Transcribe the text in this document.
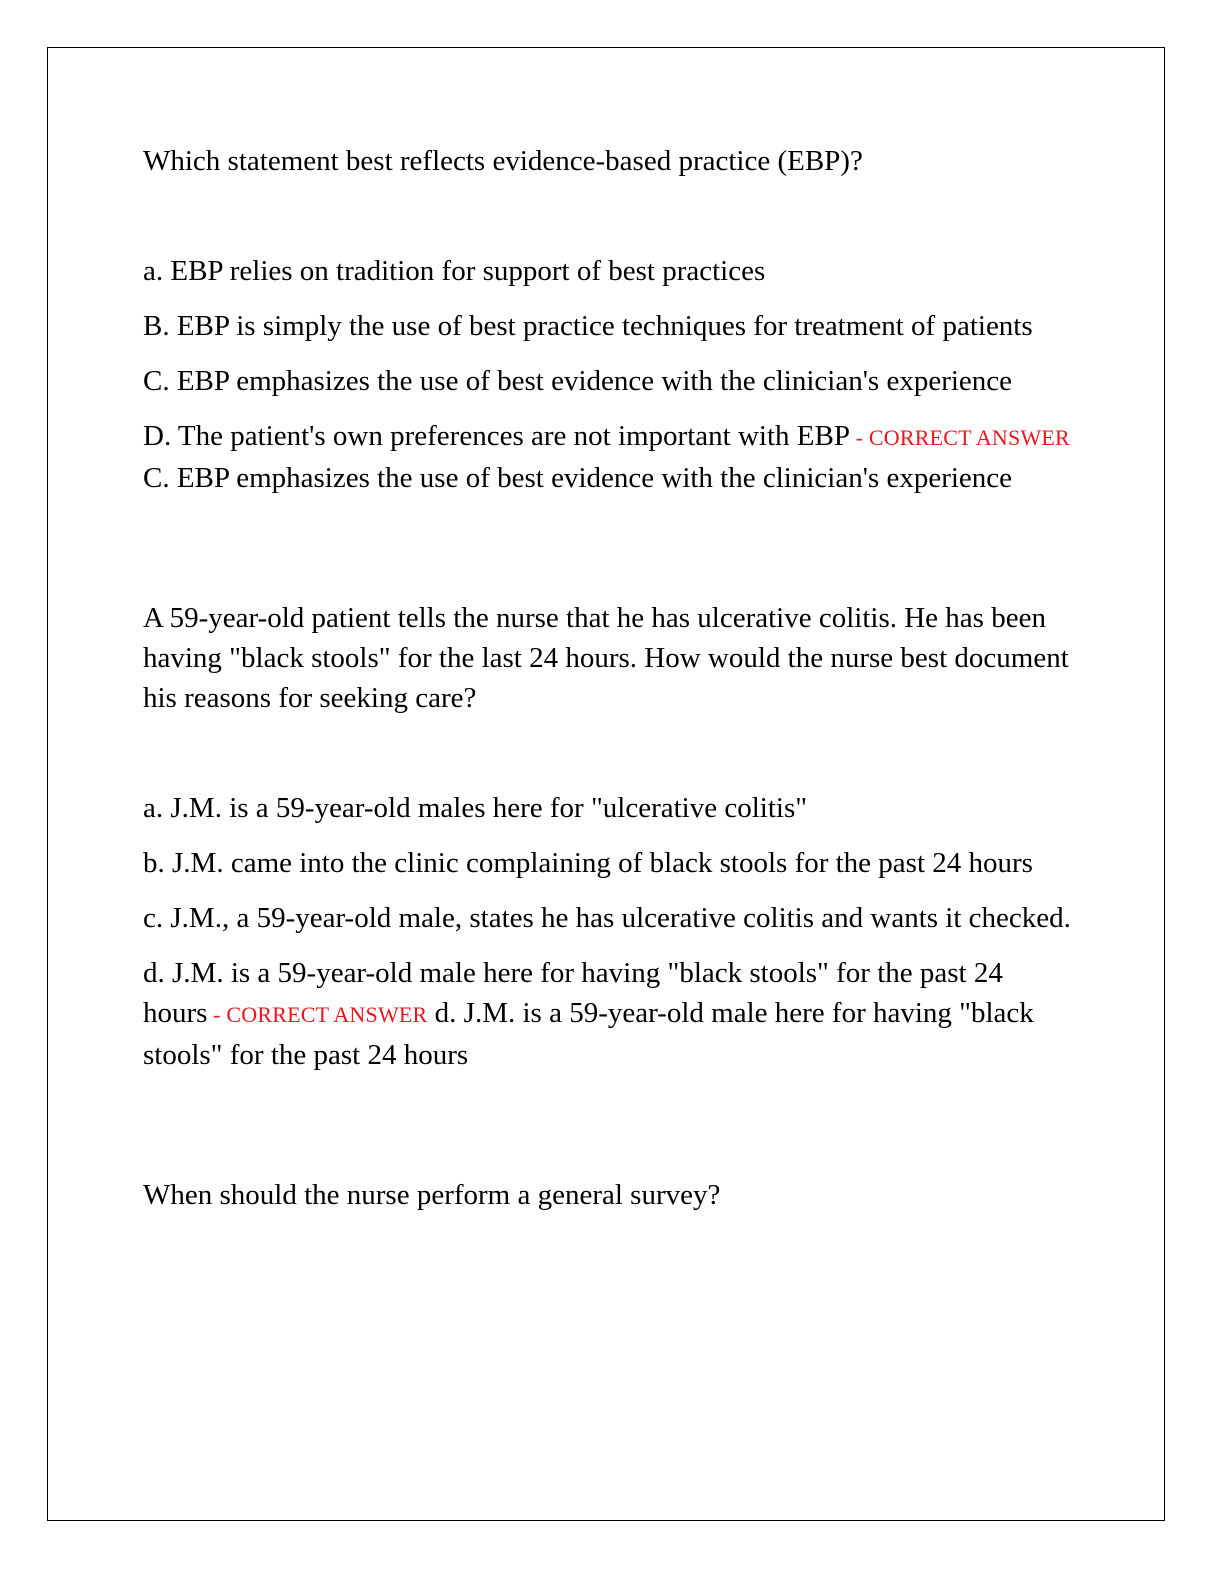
Which statement best reflects evidence-based practice (EBP)?

a. EBP relies on tradition for support of best practices

B. EBP is simply the use of best practice techniques for treatment of patients

C. EBP emphasizes the use of best evidence with the clinician's experience

D. The patient's own preferences are not important with EBP - CORRECT ANSWER C. EBP emphasizes the use of best evidence with the clinician's experience

A 59-year-old patient tells the nurse that he has ulcerative colitis. He has been having "black stools" for the last 24 hours. How would the nurse best document his reasons for seeking care?

a. J.M. is a 59-year-old males here for "ulcerative colitis"

b. J.M. came into the clinic complaining of black stools for the past 24 hours

c. J.M., a 59-year-old male, states he has ulcerative colitis and wants it checked.

d. J.M. is a 59-year-old male here for having "black stools" for the past 24 hours - CORRECT ANSWER d. J.M. is a 59-year-old male here for having "black stools" for the past 24 hours

When should the nurse perform a general survey?
